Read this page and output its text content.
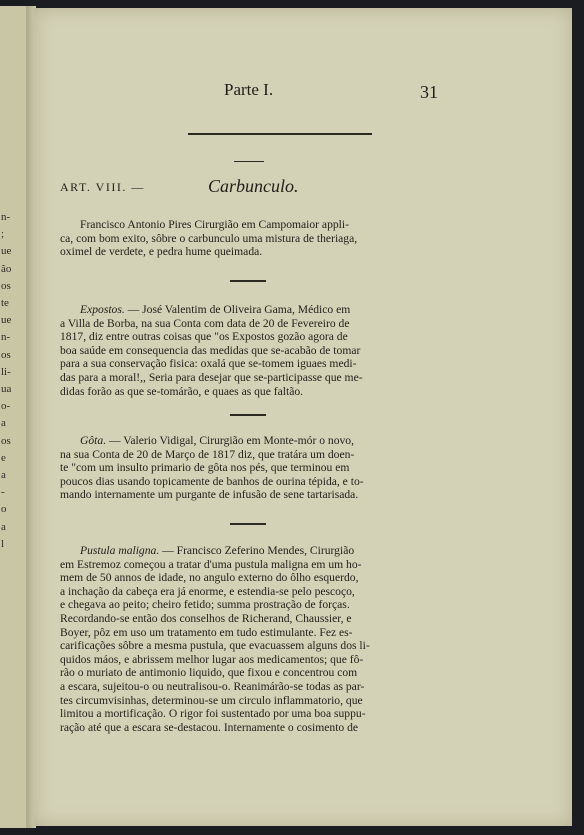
n-
;
ue
ão
os
te
ue
n-
os
li-
ua
o-
a
os
e
a
-
o
a
l
Parte I.	31
ART. VIII. —	Carbunculo.
Francisco Antonio Pires Cirurgião em Campomaior appli-
ca, com bom exito, sôbre o carbunculo uma mistura de theriaga,
oximel de verdete, e pedra hume queimada.
Expostos. — José Valentim de Oliveira Gama, Médico em
a Villa de Borba, na sua Conta com data de 20 de Fevereiro de
1817, diz entre outras coisas que "os Expostos gozão agora de
boa saúde em consequencia das medidas que se-acabão de tomar
para a sua conservação fisica: oxalá que se-tomem iguaes medi-
das para a moral!,, Seria para desejar que se-participasse que me-
didas forão as que se-tomárão, e quaes as que faltão.
Gôta. — Valerio Vidigal, Cirurgião em Monte-mór o novo,
na sua Conta de 20 de Março de 1817 diz, que tratára um doen-
te "com um insulto primario de gôta nos pés, que terminou em
poucos dias usando topicamente de banhos de ourina tépida, e to-
mando internamente um purgante de infusão de sene tartarisada.
Pustula maligna. — Francisco Zeferino Mendes, Cirurgião
em Estremoz começou a tratar d'uma pustula maligna em um ho-
mem de 50 annos de idade, no angulo externo do ôlho esquerdo,
a inchação da cabeça era já enorme, e estendia-se pelo pescoço,
e chegava ao peito; cheiro fetido; summa prostração de forças.
Recordando-se então dos conselhos de Richerand, Chaussier, e
Boyer, pôz em uso um tratamento em tudo estimulante. Fez es-
carificações sôbre a mesma pustula, que evacuassem alguns dos li-
quidos máos, e abrissem melhor lugar aos medicamentos; que fô-
rão o muriato de antimonio liquido, que fixou e concentrou com
a escara, sujeitou-o ou neutralisou-o. Reanimárão-se todas as par-
tes circumvisinhas, determinou-se um circulo inflammatorio, que
limitou a mortificação. O rigor foi sustentado por uma boa suppu-
ração até que a escara se-destacou. Internamente o cosimento de
